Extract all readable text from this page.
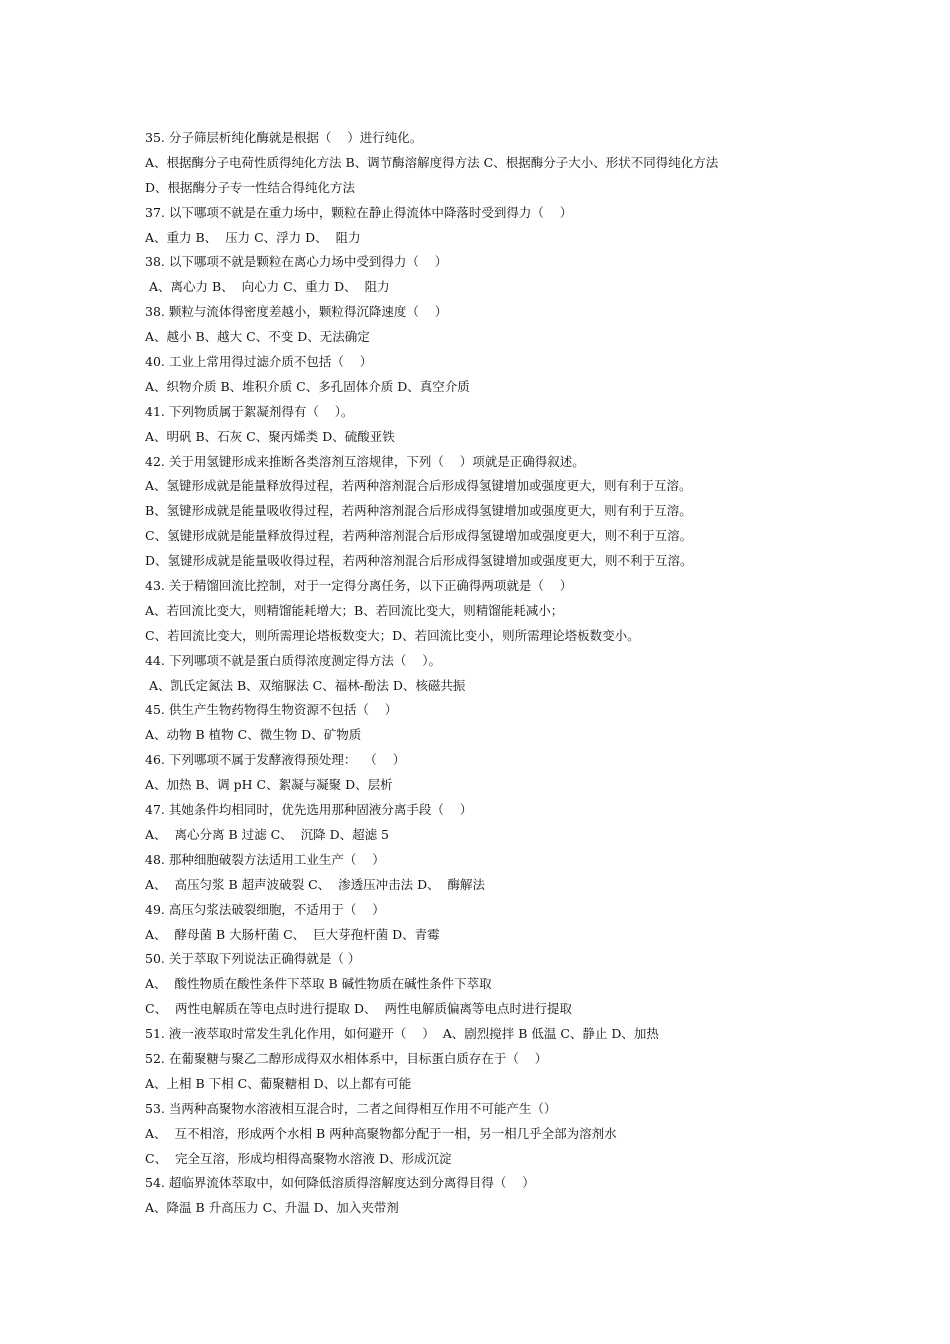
35. 分子筛层析纯化酶就是根据（    ）进行纯化。
A、根据酶分子电荷性质得纯化方法 B、调节酶溶解度得方法 C、根据酶分子大小、形状不同得纯化方法
D、根据酶分子专一性结合得纯化方法
37. 以下哪项不就是在重力场中，颗粒在静止得流体中降落时受到得力（    ）
A、重力 B、  压力 C、浮力 D、  阻力
38. 以下哪项不就是颗粒在离心力场中受到得力（    ）
A、离心力 B、  向心力 C、重力 D、  阻力
38. 颗粒与流体得密度差越小，颗粒得沉降速度（    ）
A、越小 B、越大 C、不变 D、无法确定
40. 工业上常用得过滤介质不包括（    ）
A、织物介质 B、堆积介质 C、多孔固体介质 D、真空介质
41. 下列物质属于絮凝剂得有（    ）。
A、明矾 B、石灰 C、聚丙烯类 D、硫酸亚铁
42. 关于用氢键形成来推断各类溶剂互溶规律，下列（    ）项就是正确得叙述。
A、氢键形成就是能量释放得过程，若两种溶剂混合后形成得氢键增加或强度更大，则有利于互溶。
B、氢键形成就是能量吸收得过程，若两种溶剂混合后形成得氢键增加或强度更大，则有利于互溶。
C、氢键形成就是能量释放得过程，若两种溶剂混合后形成得氢键增加或强度更大，则不利于互溶。
D、氢键形成就是能量吸收得过程，若两种溶剂混合后形成得氢键增加或强度更大，则不利于互溶。
43. 关于精馏回流比控制，对于一定得分离任务，以下正确得两项就是（    ）
A、若回流比变大，则精馏能耗增大；B、若回流比变大，则精馏能耗减小；
C、若回流比变大，则所需理论塔板数变大；D、若回流比变小，则所需理论塔板数变小。
44. 下列哪项不就是蛋白质得浓度测定得方法（    ）。
A、凯氏定氮法 B、双缩脲法 C、福林-酚法 D、核磁共振
45. 供生产生物药物得生物资源不包括（    ）
A、动物 B 植物 C、微生物 D、矿物质
46. 下列哪项不属于发酵液得预处理：  （    ）
A、加热 B、调 pH C、絮凝与凝聚 D、层析
47. 其她条件均相同时，优先选用那种固液分离手段（    ）
A、  离心分离 B 过滤 C、  沉降 D、超滤 5
48. 那种细胞破裂方法适用工业生产（    ）
A、  高压匀浆 B 超声波破裂 C、  渗透压冲击法 D、  酶解法
49. 高压匀浆法破裂细胞，不适用于（    ）
A、  酵母菌 B 大肠杆菌 C、  巨大芽孢杆菌 D、青霉
50. 关于萃取下列说法正确得就是（ ）
A、  酸性物质在酸性条件下萃取 B 碱性物质在碱性条件下萃取
C、  两性电解质在等电点时进行提取 D、  两性电解质偏离等电点时进行提取
51. 液一液萃取时常发生乳化作用，如何避开（    ）  A、剧烈搅拌 B 低温 C、静止 D、加热
52. 在葡聚糖与聚乙二醇形成得双水相体系中，目标蛋白质存在于（    ）
A、上相 B 下相 C、葡聚糖相 D、以上都有可能
53. 当两种高聚物水溶液相互混合时，二者之间得相互作用不可能产生（）
A、  互不相溶，形成两个水相 B 两种高聚物都分配于一相，另一相几乎全部为溶剂水
C、  完全互溶，形成均相得高聚物水溶液 D、形成沉淀
54. 超临界流体萃取中，如何降低溶质得溶解度达到分离得目得（    ）
A、降温 B 升高压力 C、升温 D、加入夹带剂
